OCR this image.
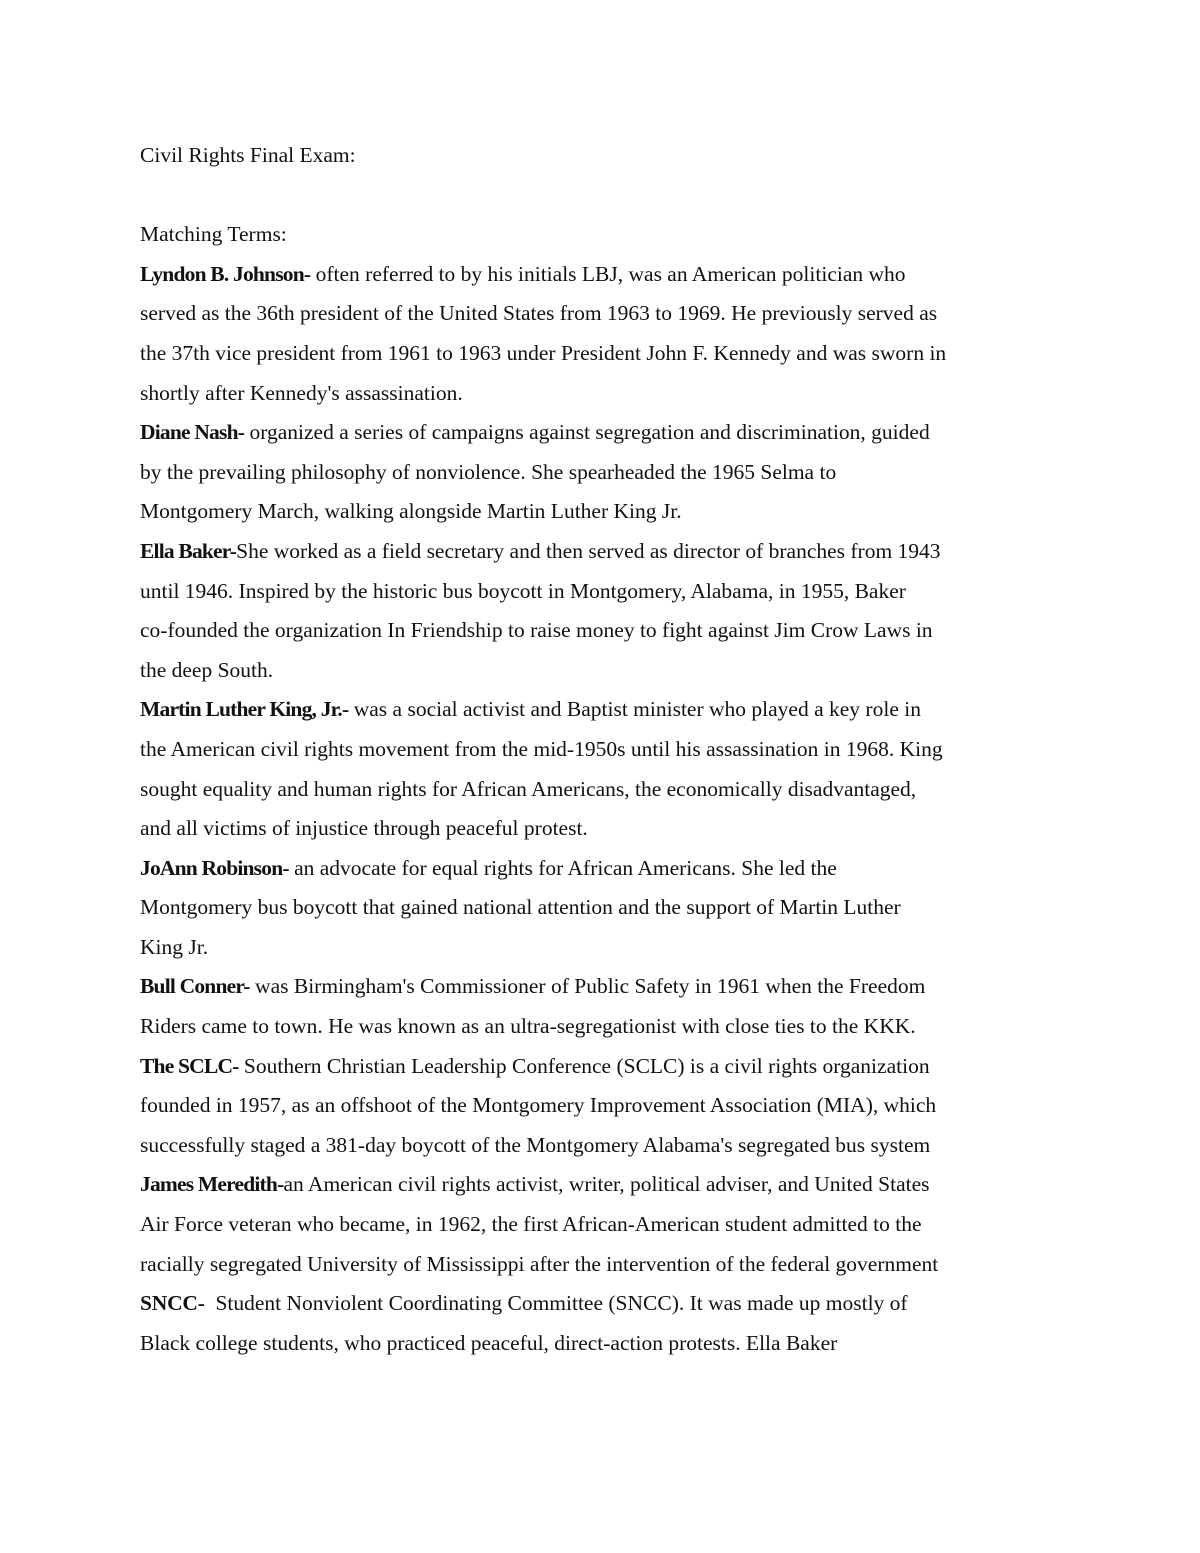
Civil Rights Final Exam:

Matching Terms:

Lyndon B. Johnson- often referred to by his initials LBJ, was an American politician who

served as the 36th president of the United States from 1963 to 1969. He previously served as

the 37th vice president from 1961 to 1963 under President John F. Kennedy and was sworn in

shortly after Kennedy's assassination.

Diane Nash- organized a series of campaigns against segregation and discrimination, guided

by the prevailing philosophy of nonviolence. She spearheaded the 1965 Selma to

Montgomery March, walking alongside Martin Luther King Jr.

Ella Baker-She worked as a field secretary and then served as director of branches from 1943

until 1946. Inspired by the historic bus boycott in Montgomery, Alabama, in 1955, Baker

co-founded the organization In Friendship to raise money to fight against Jim Crow Laws in

the deep South.

Martin Luther King, Jr.- was a social activist and Baptist minister who played a key role in

the American civil rights movement from the mid-1950s until his assassination in 1968. King

sought equality and human rights for African Americans, the economically disadvantaged,

and all victims of injustice through peaceful protest.

JoAnn Robinson- an advocate for equal rights for African Americans. She led the

Montgomery bus boycott that gained national attention and the support of Martin Luther

King Jr.

Bull Conner- was Birmingham's Commissioner of Public Safety in 1961 when the Freedom

Riders came to town. He was known as an ultra-segregationist with close ties to the KKK.

The SCLC- Southern Christian Leadership Conference (SCLC) is a civil rights organization

founded in 1957, as an offshoot of the Montgomery Improvement Association (MIA), which

successfully staged a 381-day boycott of the Montgomery Alabama's segregated bus system

James Meredith-an American civil rights activist, writer, political adviser, and United States

Air Force veteran who became, in 1962, the first African-American student admitted to the

racially segregated University of Mississippi after the intervention of the federal government

SNCC-  Student Nonviolent Coordinating Committee (SNCC). It was made up mostly of

Black college students, who practiced peaceful, direct-action protests. Ella Baker
